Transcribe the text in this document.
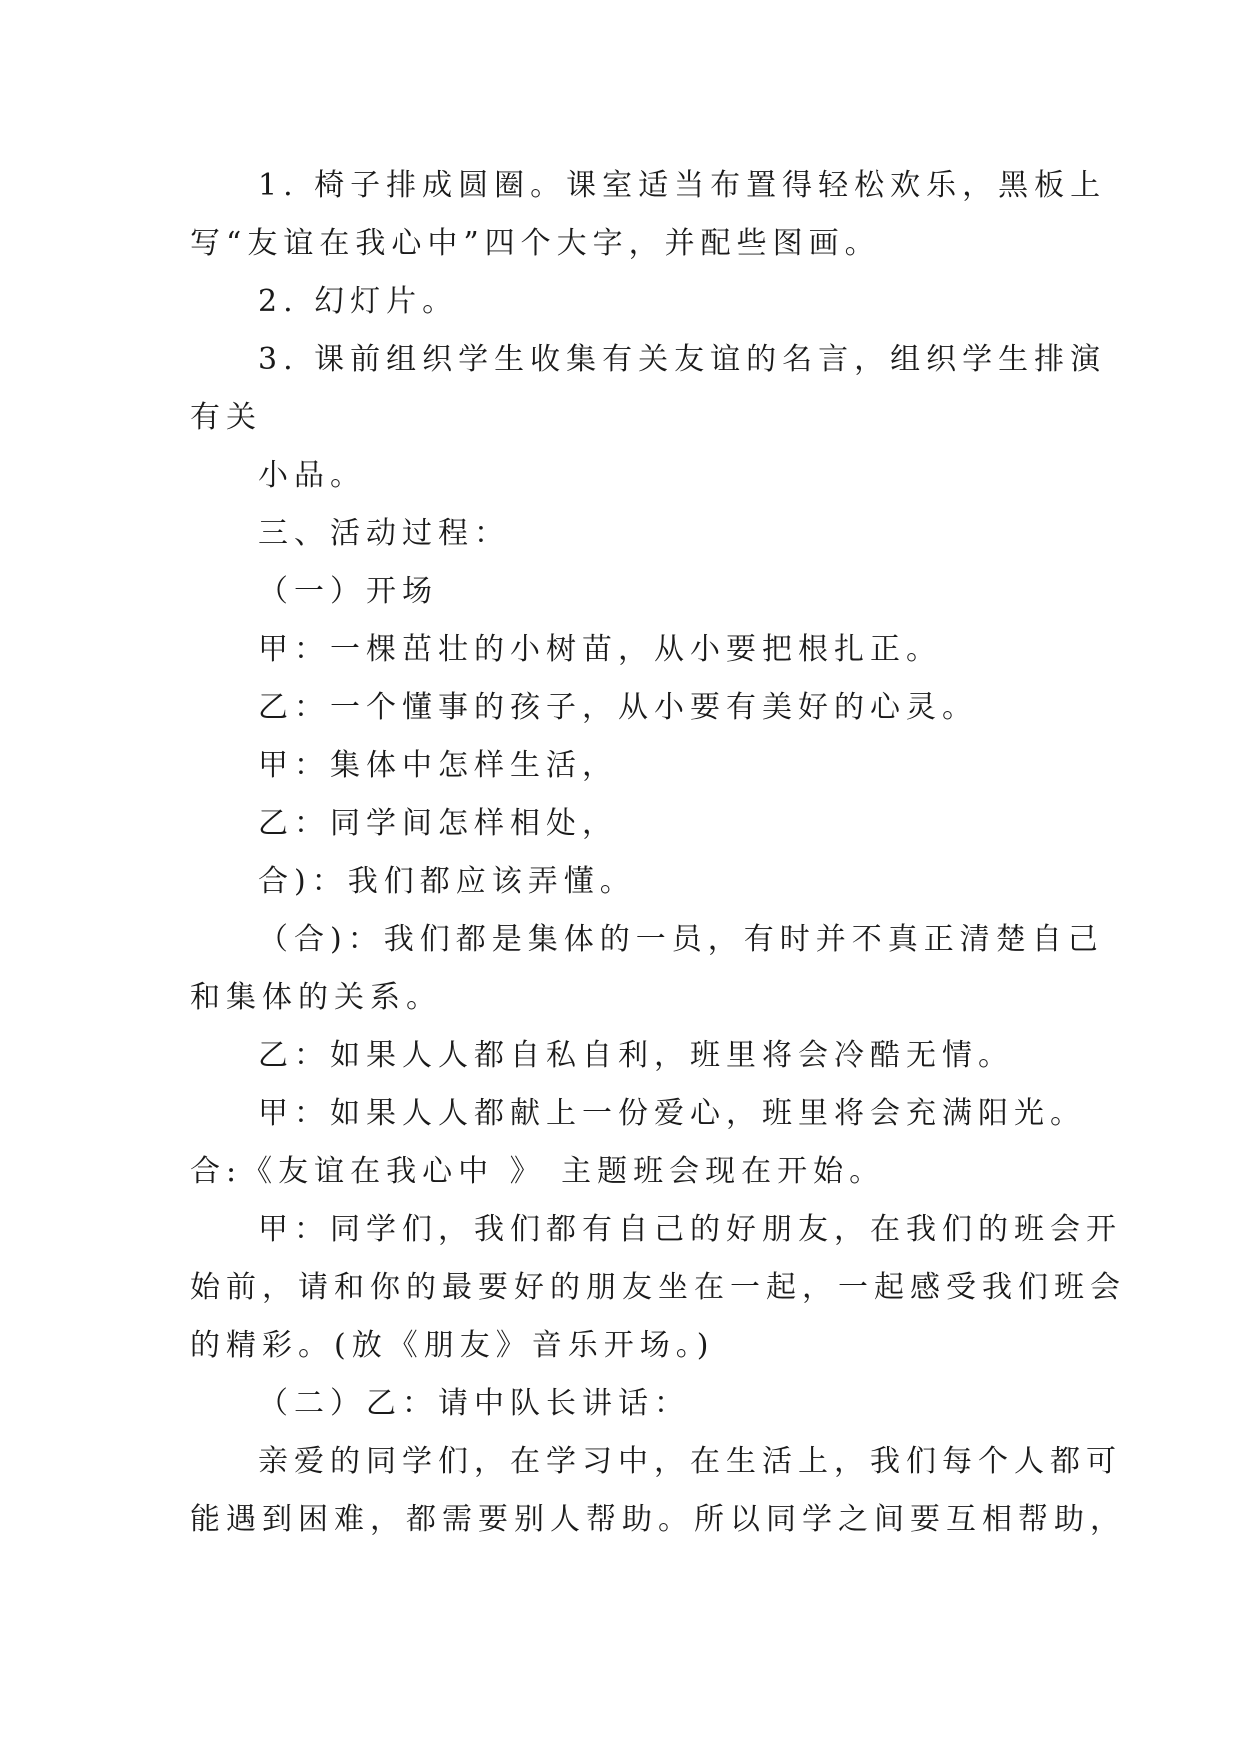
1. 椅子排成圆圈。课室适当布置得轻松欢乐，黑板上
写“友谊在我心中”四个大字，并配些图画。
2. 幻灯片。
3. 课前组织学生收集有关友谊的名言，组织学生排演
有关
小品。
三、活动过程：
（一）开场
甲：一棵茁壮的小树苗，从小要把根扎正。
乙：一个懂事的孩子，从小要有美好的心灵。
甲：集体中怎样生活，
乙：同学间怎样相处，
合)：我们都应该弄懂。
（合)：我们都是集体的一员，有时并不真正清楚自己
和集体的关系。
乙：如果人人都自私自利，班里将会冷酷无情。
甲：如果人人都献上一份爱心，班里将会充满阳光。
合:《友谊在我心中 》 主题班会现在开始。
甲：同学们，我们都有自己的好朋友，在我们的班会开
始前，请和你的最要好的朋友坐在一起，一起感受我们班会
的精彩。(放《朋友》音乐开场。)
（二）乙：请中队长讲话：
亲爱的同学们，在学习中，在生活上，我们每个人都可
能遇到困难，都需要别人帮助。所以同学之间要互相帮助，
